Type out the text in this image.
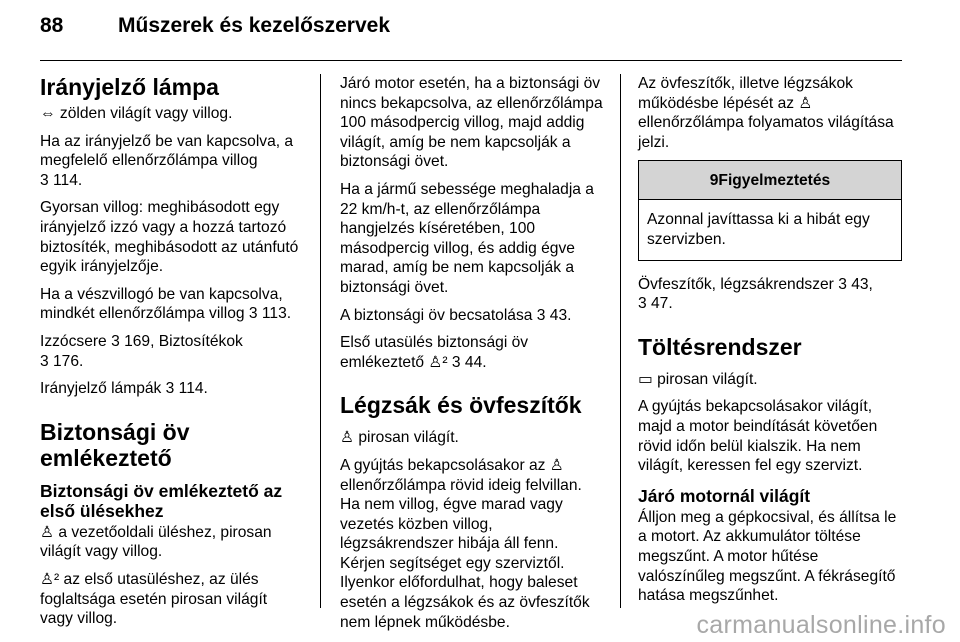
88	Műszerek és kezelőszervek
Irányjelző lámpa

⇔ zölden világít vagy villog.

Ha az irányjelző be van kapcsolva, a megfelelő ellenőrzőlámpa villog
3 114.

Gyorsan villog: meghibásodott egy irányjelző izzó vagy a hozzá tartozó biztosíték, meghibásodott az utánfutó egyik irányjelzője.

Ha a vészvillogó be van kapcsolva, mindkét ellenőrzőlámpa villog 3 113.

Izzócsere 3 169, Biztosítékok
3 176.

Irányjelző lámpák 3 114.

Biztonsági öv emlékeztető
Biztonsági öv emlékeztető az első ülésekhez

♙ a vezetőoldali üléshez, pirosan világít vagy villog.

♙² az első utasüléshez, az ülés foglaltsága esetén pirosan világít vagy villog.

Járó motor esetén, ha a biztonsági öv nincs bekapcsolva, az ellenőrzőlámpa 100 másodpercig villog, majd addig világít, amíg be nem kapcsolják a biztonsági övet.

Ha a jármű sebessége meghaladja a 22 km/h-t, az ellenőrzőlámpa hangjelzés kíséretében, 100 másodpercig villog, és addig égve marad, amíg be nem kapcsolják a biztonsági övet.

A biztonsági öv becsatolása 3 43.

Első utasülés biztonsági öv
emlékeztető ♙² 3 44.

Légzsák és övfeszítők

♙ pirosan világít.

A gyújtás bekapcsolásakor az ♙ ellenőrzőlámpa rövid ideig felvillan. Ha nem villog, égve marad vagy vezetés közben villog, légzsákrendszer hibája áll fenn. Kérjen segítséget egy szerviztől. Ilyenkor előfordulhat, hogy baleset esetén a légzsákok és az övfeszítők nem lépnek működésbe.

Az övfeszítők, illetve légzsákok működésbe lépését az ♙ ellenőrzőlámpa folyamatos világítása jelzi.

9Figyelmeztetés
Azonnal javíttassa ki a hibát egy szervizben.

Övfeszítők, légzsákrendszer 3 43,
3 47.

Töltésrendszer

▭ pirosan világít.

A gyújtás bekapcsolásakor világít, majd a motor beindítását követően rövid időn belül kialszik. Ha nem világít, keressen fel egy szervizt.

Járó motornál világít

Álljon meg a gépkocsival, és állítsa le a motort. Az akkumulátor töltése megszűnt. A motor hűtése valószínűleg megszűnt. A fékrásegítő hatása megszűnhet.

carmanualsonline.info
